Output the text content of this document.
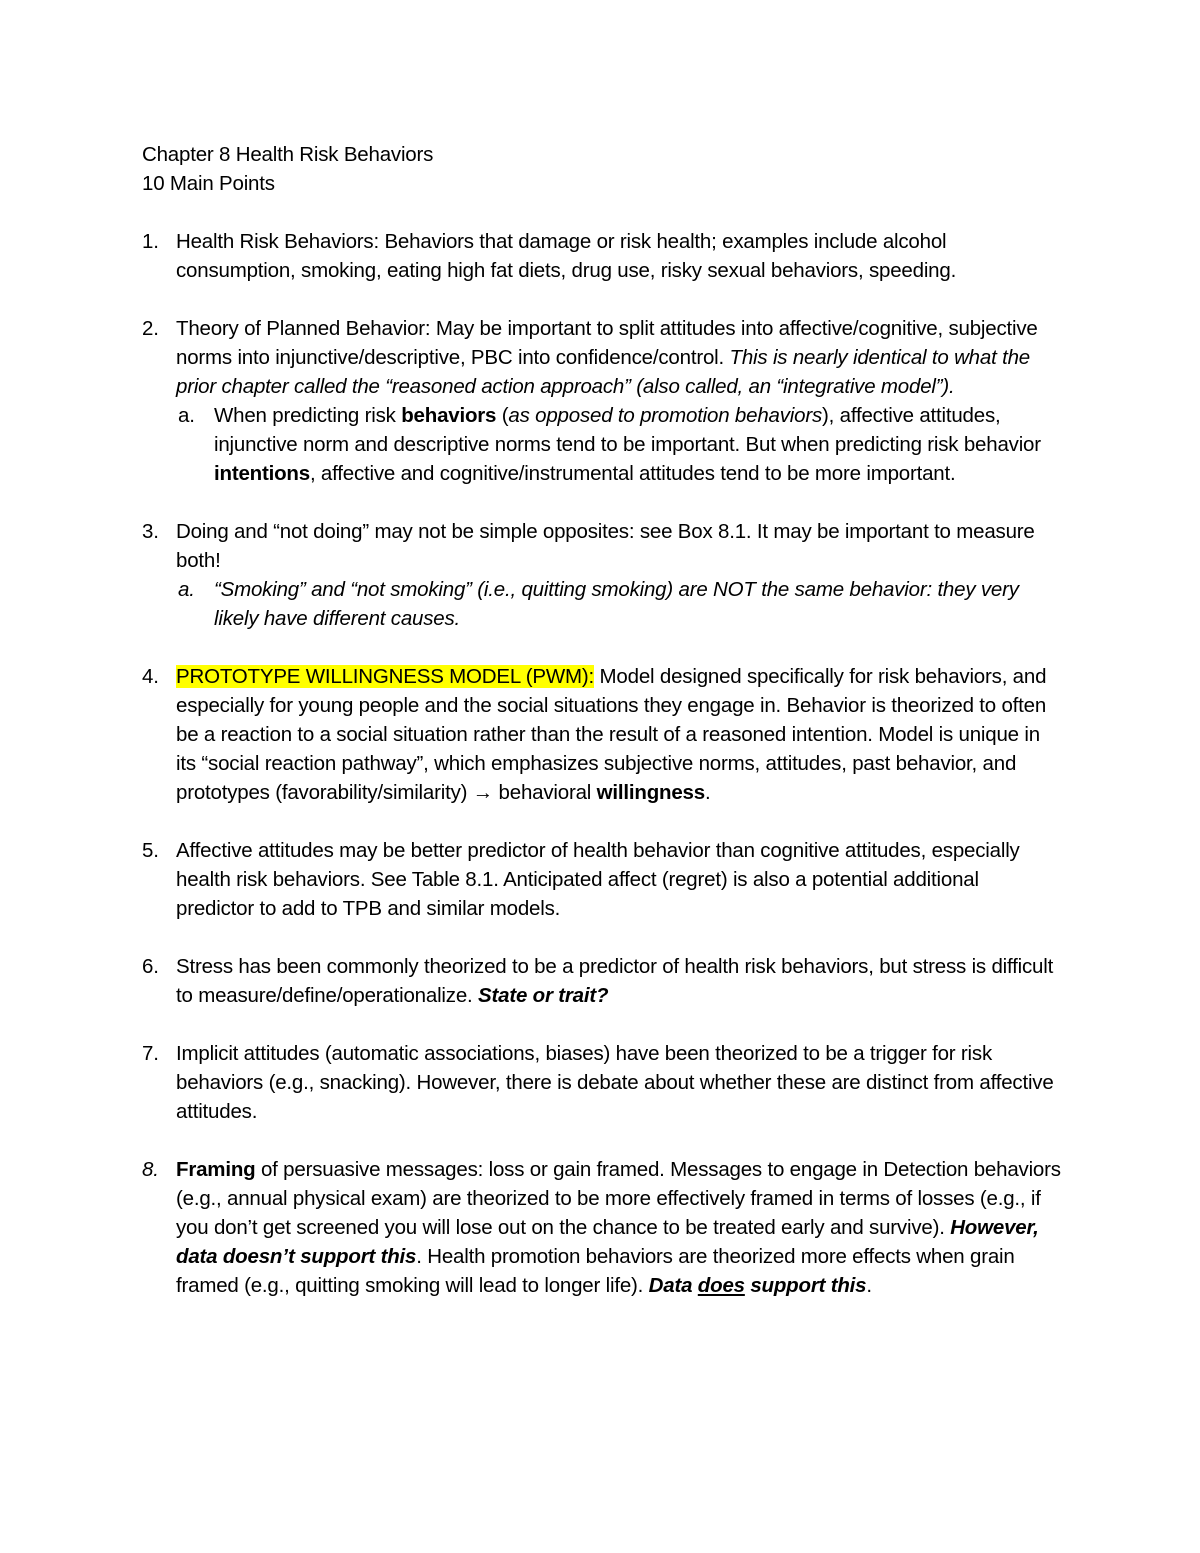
Chapter 8 Health Risk Behaviors

10 Main Points

1. Health Risk Behaviors: Behaviors that damage or risk health; examples include alcohol consumption, smoking, eating high fat diets, drug use, risky sexual behaviors, speeding.
2. Theory of Planned Behavior: May be important to split attitudes into affective/cognitive, subjective norms into injunctive/descriptive, PBC into confidence/control. This is nearly identical to what the prior chapter called the “reasoned action approach” (also called, an “integrative model”).
a. When predicting risk behaviors (as opposed to promotion behaviors), affective attitudes, injunctive norm and descriptive norms tend to be important. But when predicting risk behavior intentions, affective and cognitive/instrumental attitudes tend to be more important.
3. Doing and “not doing” may not be simple opposites: see Box 8.1. It may be important to measure both!
a. “Smoking” and “not smoking” (i.e., quitting smoking) are NOT the same behavior: they very likely have different causes.
4. PROTOTYPE WILLINGNESS MODEL (PWM): Model designed specifically for risk behaviors, and especially for young people and the social situations they engage in. Behavior is theorized to often be a reaction to a social situation rather than the result of a reasoned intention. Model is unique in its “social reaction pathway”, which emphasizes subjective norms, attitudes, past behavior, and prototypes (favorability/similarity) → behavioral willingness.
5. Affective attitudes may be better predictor of health behavior than cognitive attitudes, especially health risk behaviors. See Table 8.1. Anticipated affect (regret) is also a potential additional predictor to add to TPB and similar models.
6. Stress has been commonly theorized to be a predictor of health risk behaviors, but stress is difficult to measure/define/operationalize. State or trait?
7. Implicit attitudes (automatic associations, biases) have been theorized to be a trigger for risk behaviors (e.g., snacking). However, there is debate about whether these are distinct from affective attitudes.
8. Framing of persuasive messages: loss or gain framed. Messages to engage in Detection behaviors (e.g., annual physical exam) are theorized to be more effectively framed in terms of losses (e.g., if you don’t get screened you will lose out on the chance to be treated early and survive). However, data doesn’t support this. Health promotion behaviors are theorized more effects when grain framed (e.g., quitting smoking will lead to longer life). Data does support this.
